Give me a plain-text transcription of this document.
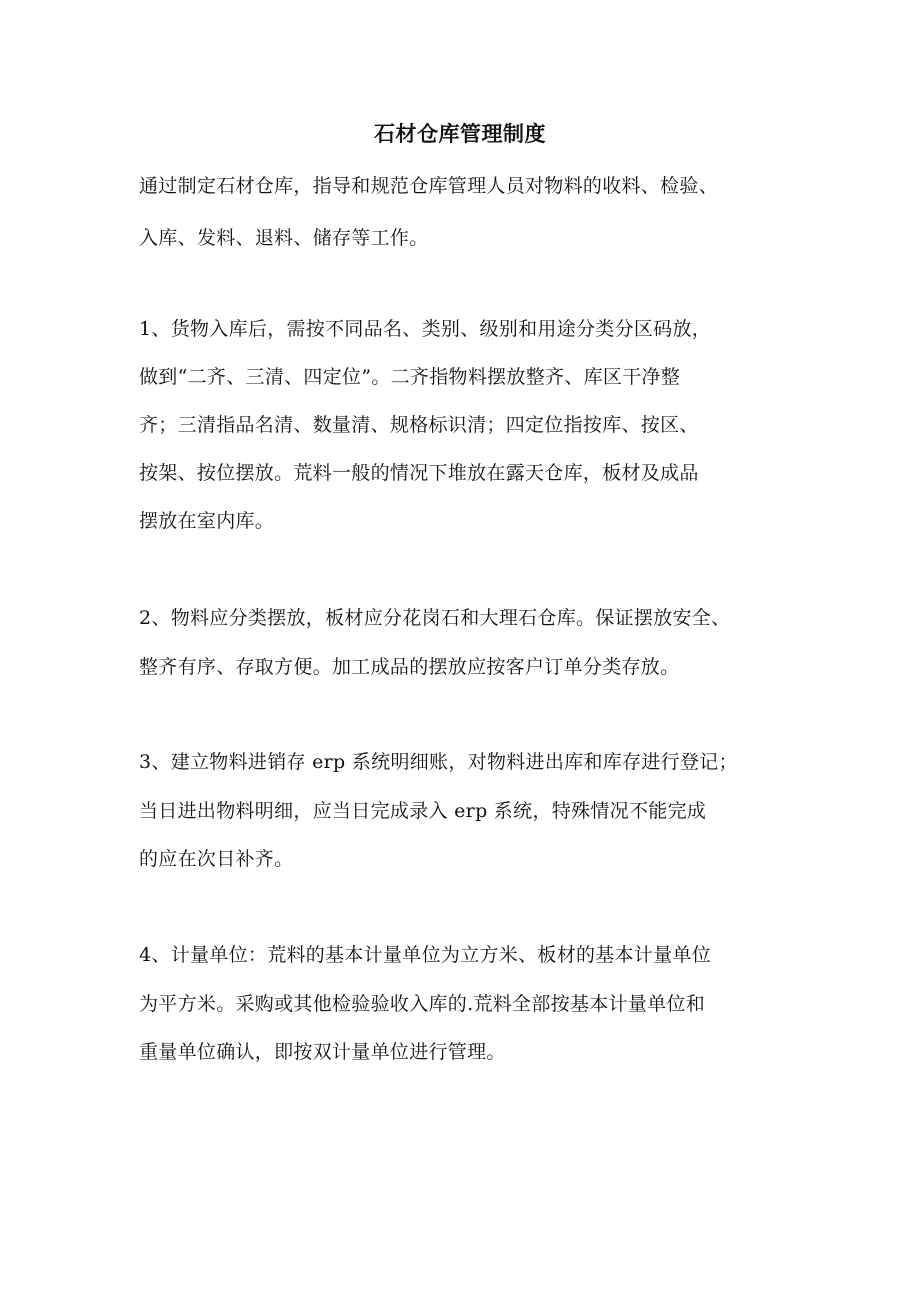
石材仓库管理制度
通过制定石材仓库，指导和规范仓库管理人员对物料的收料、检验、
入库、发料、退料、储存等工作。
1、货物入库后，需按不同品名、类别、级别和用途分类分区码放，
做到“二齐、三清、四定位”。二齐指物料摆放整齐、库区干净整
齐；三清指品名清、数量清、规格标识清；四定位指按库、按区、
按架、按位摆放。荒料一般的情况下堆放在露天仓库，板材及成品
摆放在室内库。
2、物料应分类摆放，板材应分花岗石和大理石仓库。保证摆放安全、
整齐有序、存取方便。加工成品的摆放应按客户订单分类存放。
3、建立物料进销存 erp 系统明细账，对物料进出库和库存进行登记；
当日进出物料明细，应当日完成录入 erp 系统，特殊情况不能完成
的应在次日补齐。
4、计量单位：荒料的基本计量单位为立方米、板材的基本计量单位
为平方米。采购或其他检验验收入库的.荒料全部按基本计量单位和
重量单位确认，即按双计量单位进行管理。
